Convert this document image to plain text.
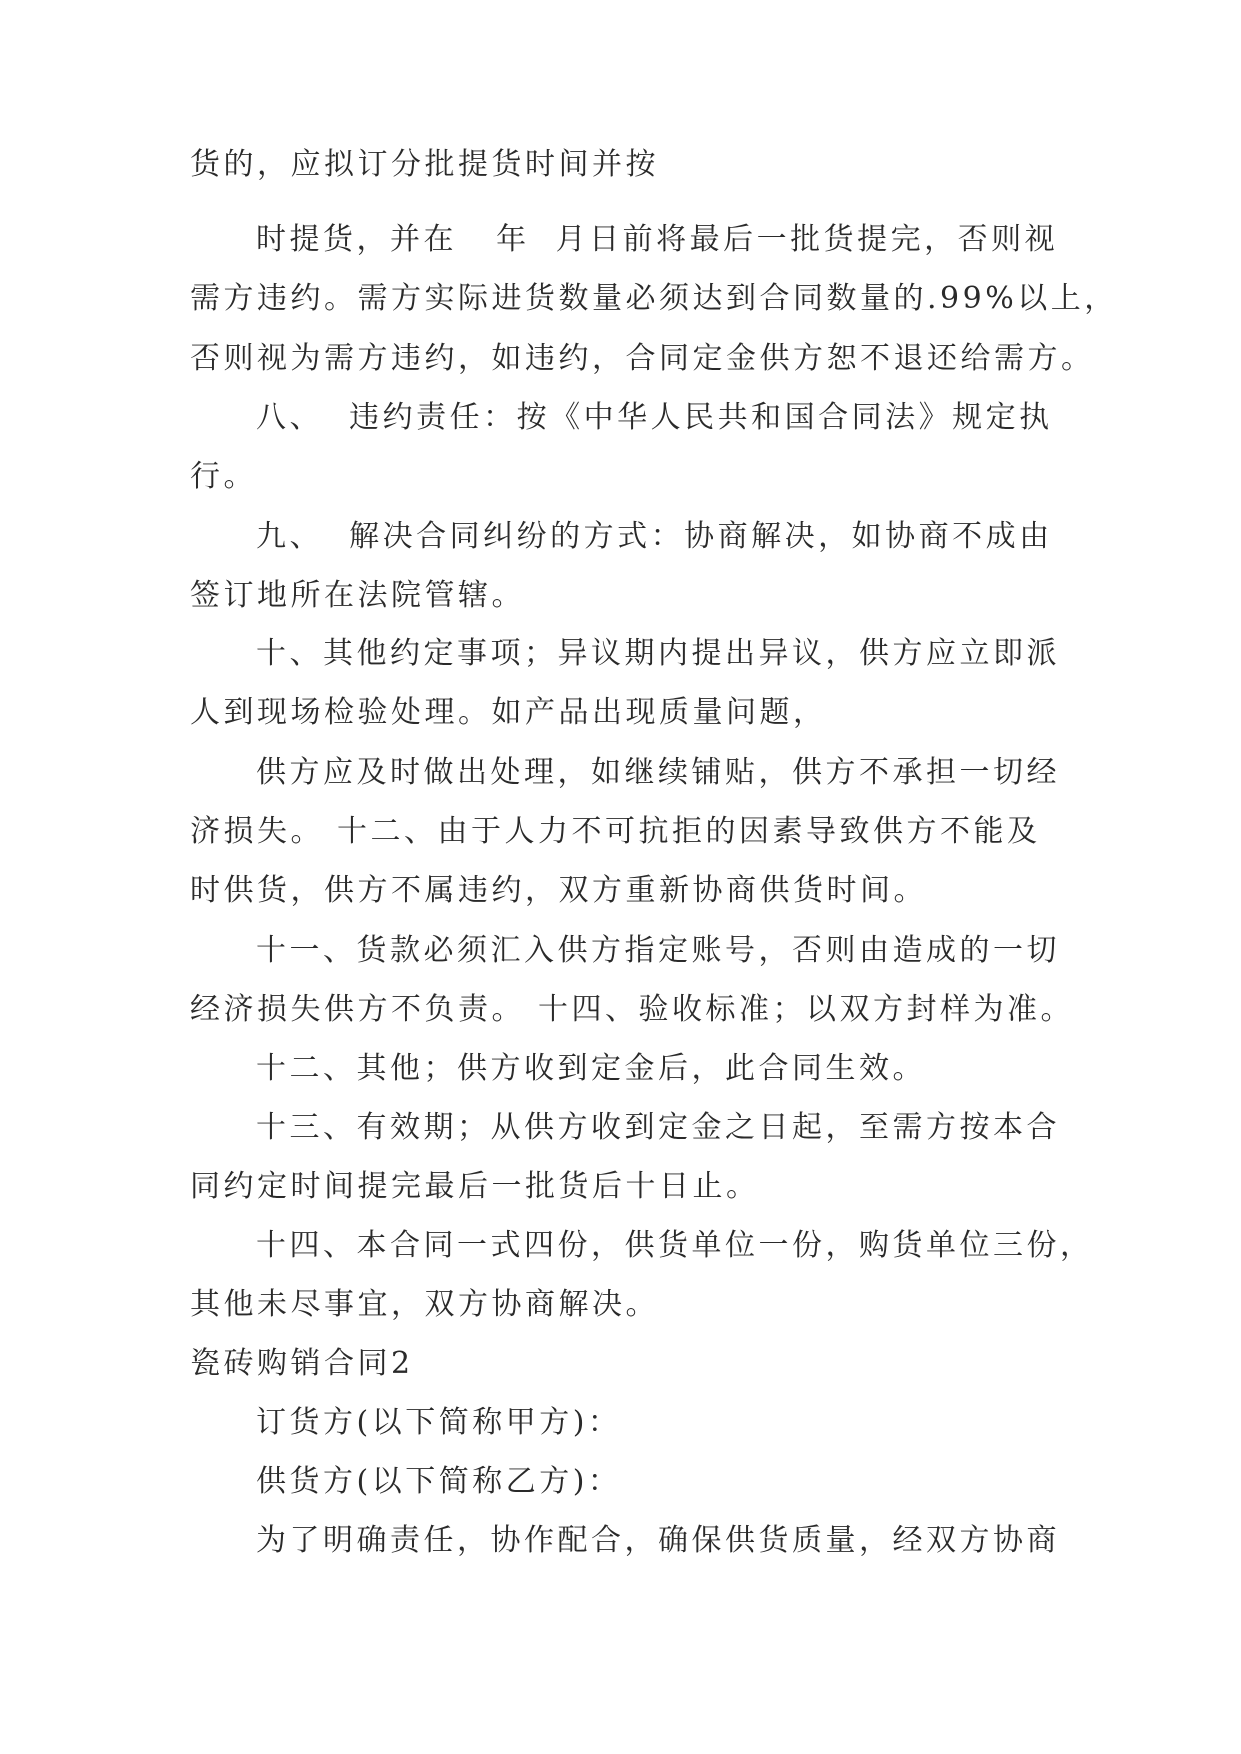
货的，应拟订分批提货时间并按
时提货，并在   年  月日前将最后一批货提完，否则视
需方违约。需方实际进货数量必须达到合同数量的.99%以上，
否则视为需方违约，如违约，合同定金供方恕不退还给需方。
八、  违约责任：按《中华人民共和国合同法》规定执
行。
九、  解决合同纠纷的方式：协商解决，如协商不成由
签订地所在法院管辖。
十、其他约定事项；异议期内提出异议，供方应立即派
人到现场检验处理。如产品出现质量问题，
供方应及时做出处理，如继续铺贴，供方不承担一切经
济损失。 十二、由于人力不可抗拒的因素导致供方不能及
时供货，供方不属违约，双方重新协商供货时间。
十一、货款必须汇入供方指定账号，否则由造成的一切
经济损失供方不负责。 十四、验收标准；以双方封样为准。
十二、其他；供方收到定金后，此合同生效。
十三、有效期；从供方收到定金之日起，至需方按本合
同约定时间提完最后一批货后十日止。
十四、本合同一式四份，供货单位一份，购货单位三份，
其他未尽事宜，双方协商解决。
瓷砖购销合同2
订货方(以下简称甲方)：
供货方(以下简称乙方)：
为了明确责任，协作配合，确保供货质量，经双方协商
